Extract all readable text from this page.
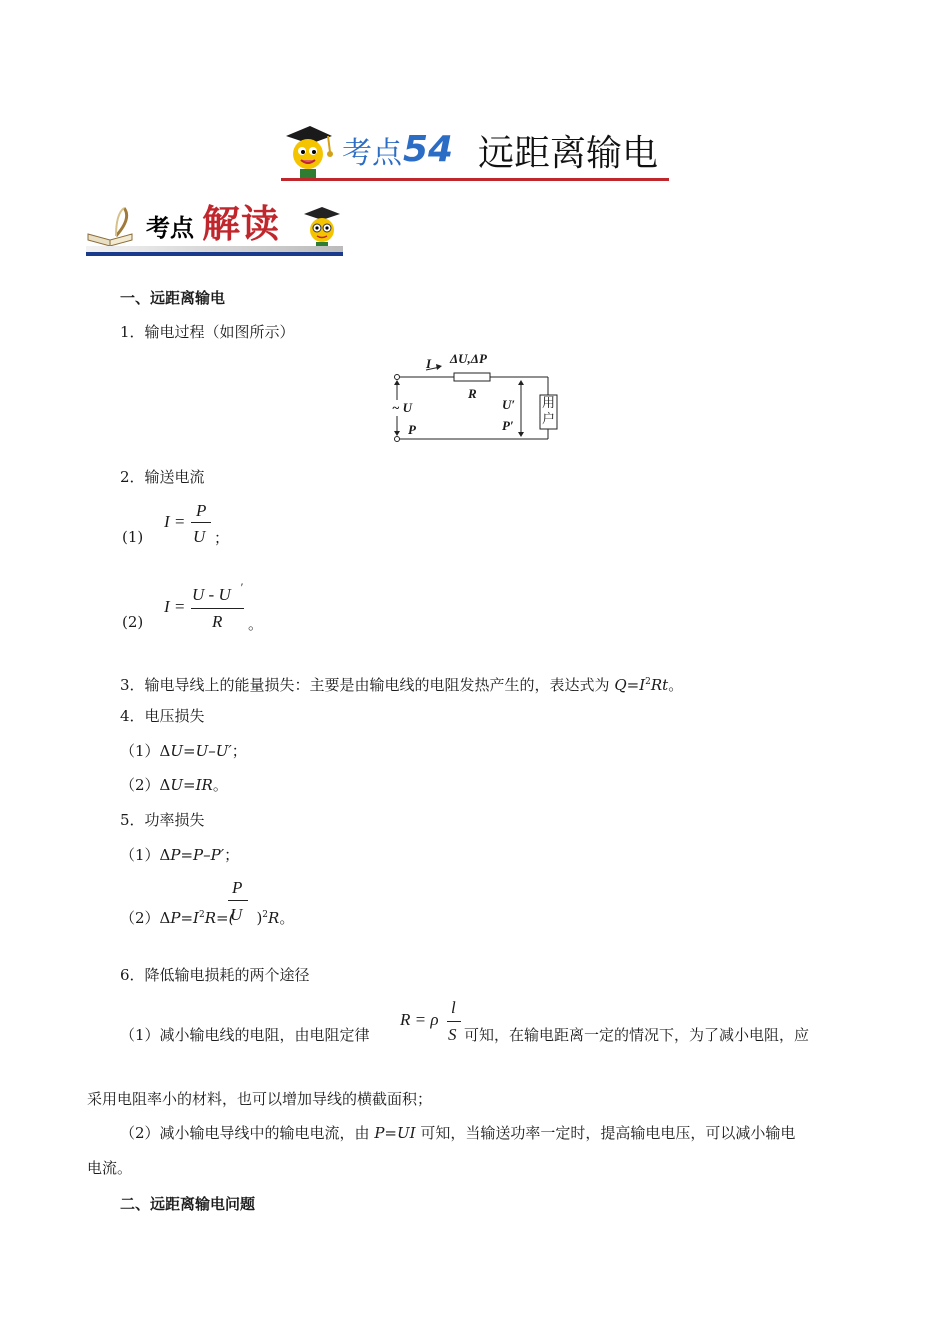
考点 54 远距离输电
考点 解读
一、远距离输电
1．输电过程（如图所示）
I ΔU,ΔP
R
~ U
P
U′
P′
用
户
2．输送电流
(1)
I =
P
U ；
(2)
I =
U - U ′
R 。
3．输电导线上的能量损失：主要是由输电线的电阻发热产生的，表达式为 $Q=I^2Rt$。
4．电压损失
（1）ΔU=U–U′；
（2）ΔU=IR。
5．功率损失
（1）ΔP=P–P′；
$(2)\Delta P=I^2R=$( )$^2$R。
P
U
6．降低输电损耗的两个途径
（1）减小输电线的电阻，由电阻定律
R = ρ
l
S 可知，在输电距离一定的情况下，为了减小电阻，应
采用电阻率小的材料，也可以增加导线的横截面积；
（2）减小输电导线中的输电电流，由 P=UI 可知，当输送功率一定时，提高输电电压，可以减小输电
电流。
二、远距离输电问题
